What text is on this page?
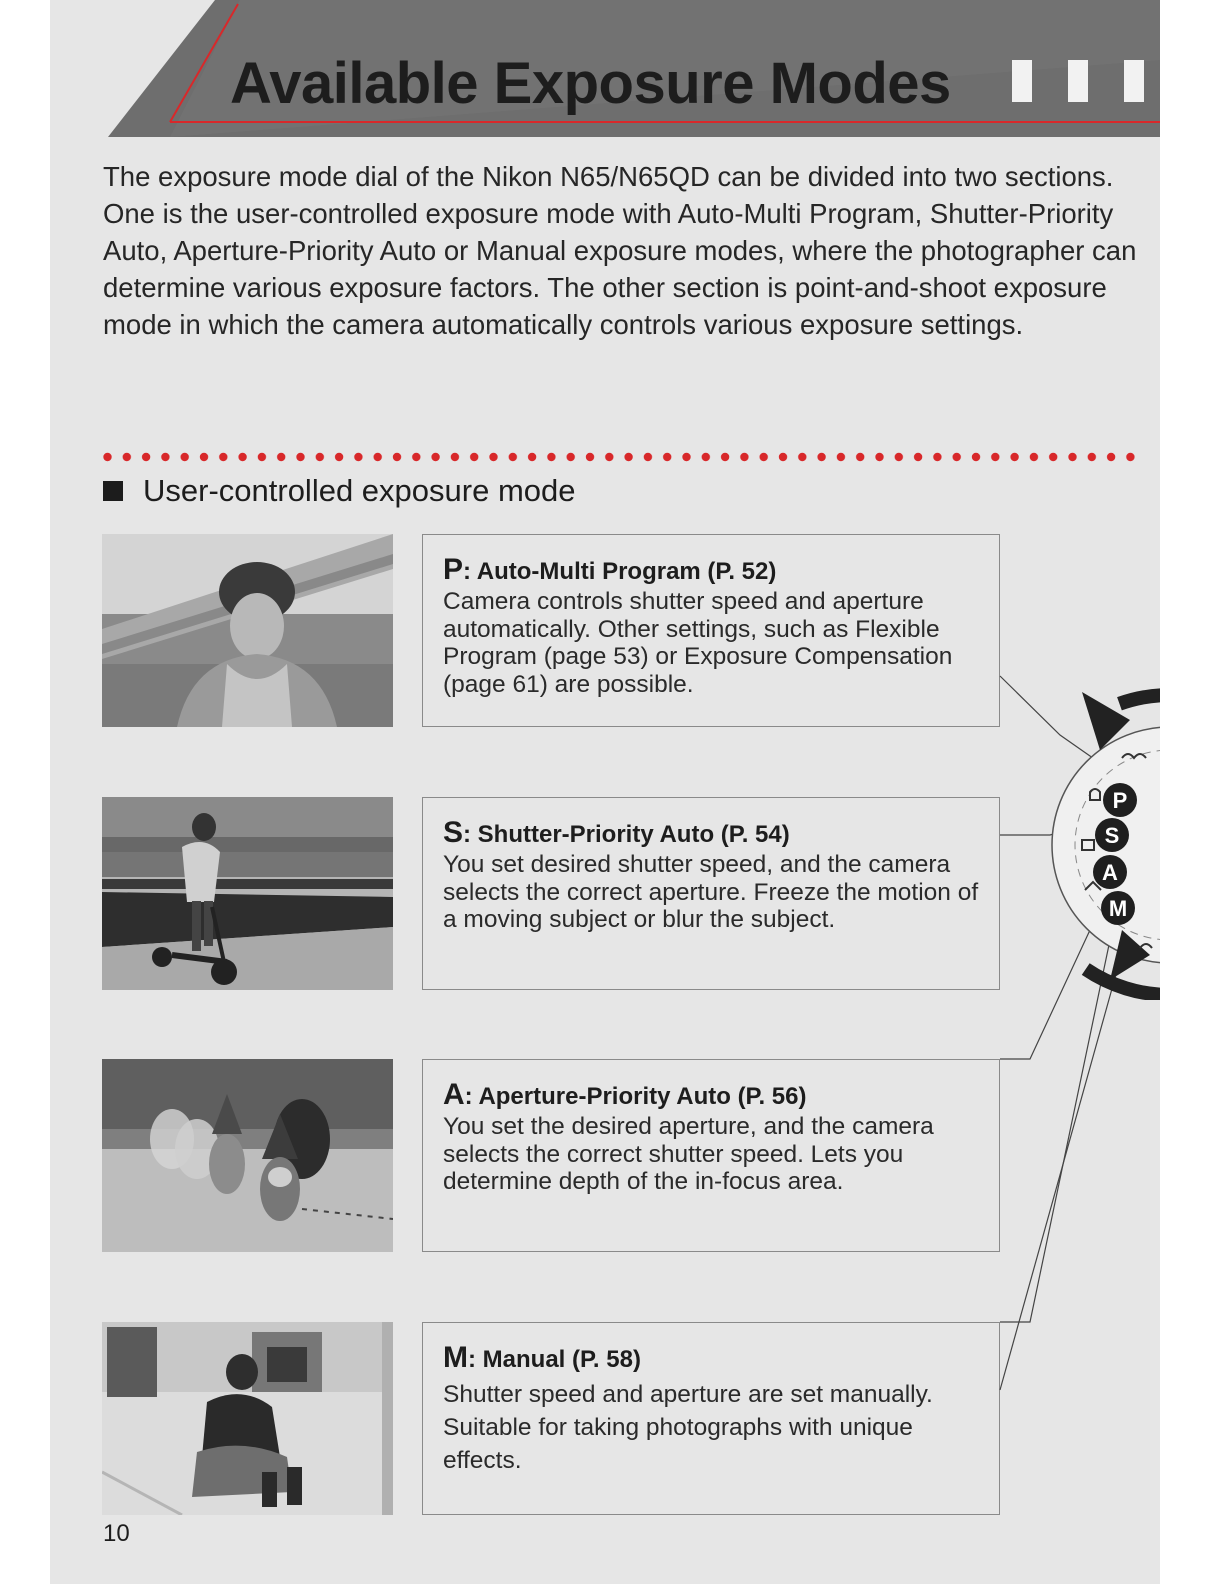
Available Exposure Modes

The exposure mode dial of the Nikon N65/N65QD can be divided into two sections. One is the user-controlled exposure mode with Auto-Multi Program, Shutter-Priority Auto, Aperture-Priority Auto or Manual exposure modes, where the photographer can determine various exposure factors. The other section is point-and-shoot exposure mode in which the camera automatically controls various exposure settings.

User-controlled exposure mode
P: Auto-Multi Program (P. 52)
Camera controls shutter speed and aperture automatically. Other settings, such as Flexible Program (page 53) or Exposure Compensation (page 61) are possible.
S: Shutter-Priority Auto (P. 54)
You set desired shutter speed, and the camera selects the correct aperture. Freeze the motion of a moving subject or blur the subject.
A: Aperture-Priority Auto (P. 56)
You set the desired aperture, and the camera selects the correct shutter speed. Lets you determine depth of the in-focus area.
M: Manual (P. 58)
Shutter speed and aperture are set manually. Suitable for taking photographs with unique effects.
P
S
A
M
10
